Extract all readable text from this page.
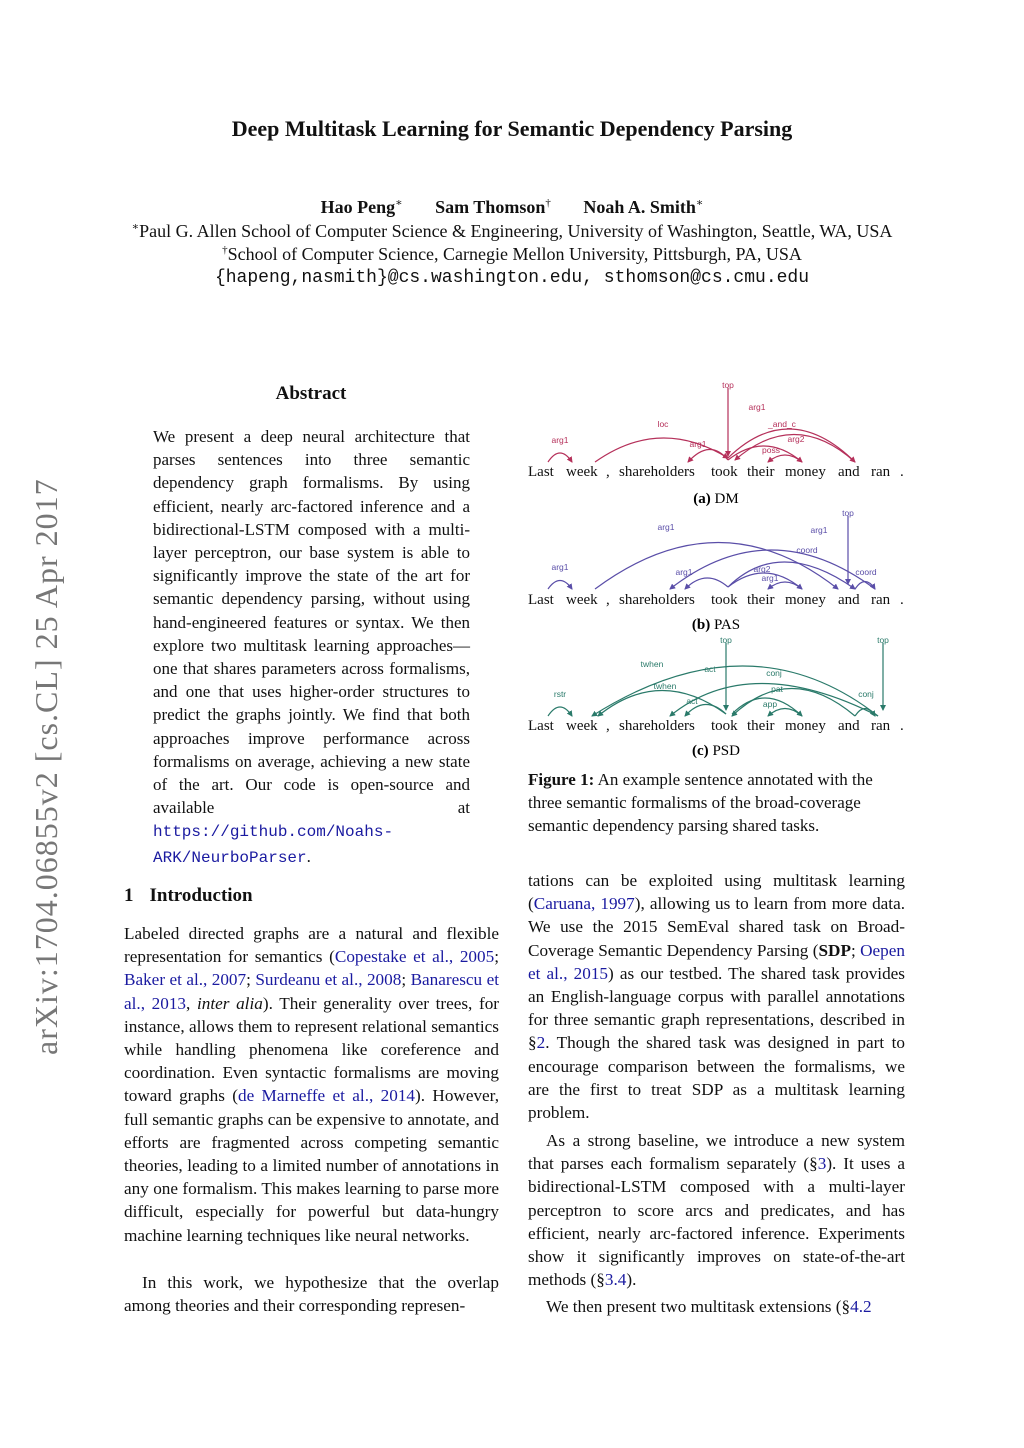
Deep Multitask Learning for Semantic Dependency Parsing
Hao Peng∗ Sam Thomson† Noah A. Smith∗
∗Paul G. Allen School of Computer Science & Engineering, University of Washington, Seattle, WA, USA
†School of Computer Science, Carnegie Mellon University, Pittsburgh, PA, USA
{hapeng,nasmith}@cs.washington.edu, sthomson@cs.cmu.edu
arXiv:1704.06855v2 [cs.CL] 25 Apr 2017
Abstract
We present a deep neural architecture that parses sentences into three semantic dependency graph formalisms. By using efficient, nearly arc-factored inference and a bidirectional-LSTM composed with a multi-layer perceptron, our base system is able to significantly improve the state of the art for semantic dependency parsing, without using hand-engineered features or syntax. We then explore two multitask learning approaches—one that shares parameters across formalisms, and one that uses higher-order structures to predict the graphs jointly. We find that both approaches improve performance across formalisms on average, achieving a new state of the art. Our code is open-source and available at https://github.com/Noahs-ARK/NeurboParser.
1 Introduction
Labeled directed graphs are a natural and flexible representation for semantics (Copestake et al., 2005; Baker et al., 2007; Surdeanu et al., 2008; Banarescu et al., 2013, inter alia). Their generality over trees, for instance, allows them to represent relational semantics while handling phenomena like coreference and coordination. Even syntactic formalisms are moving toward graphs (de Marneffe et al., 2014). However, full semantic graphs can be expensive to annotate, and efforts are fragmented across competing semantic theories, leading to a limited number of annotations in any one formalism. This makes learning to parse more difficult, especially for powerful but data-hungry machine learning techniques like neural networks.
In this work, we hypothesize that the overlap among theories and their corresponding represen-
tations can be exploited using multitask learning (Caruana, 1997), allowing us to learn from more data. We use the 2015 SemEval shared task on Broad-Coverage Semantic Dependency Parsing (SDP; Oepen et al., 2015) as our testbed. The shared task provides an English-language corpus with parallel annotations for three semantic graph representations, described in §2. Though the shared task was designed in part to encourage comparison between the formalisms, we are the first to treat SDP as a multitask learning problem.
As a strong baseline, we introduce a new system that parses each formalism separately (§3). It uses a bidirectional-LSTM composed with a multi-layer perceptron to score arcs and predicates, and has efficient, nearly arc-factored inference. Experiments show it significantly improves on state-of-the-art methods (§3.4).
We then present two multitask extensions (§4.2
top
arg1
loc	_and_c
arg1	arg1	arg2
poss
Last week , shareholders took their money and ran .
(a) DM
top
arg1	arg1
coord
arg1	arg1	arg2
arg1
coord
Last week , shareholders took their money and ran .
(b) PAS
top	top
twhen	act	conj
rstr
twhen	pat
act	app
conj
Last week , shareholders took their money and ran .
(c) PSD
Figure 1: An example sentence annotated with the three semantic formalisms of the broad-coverage semantic dependency parsing shared tasks.
